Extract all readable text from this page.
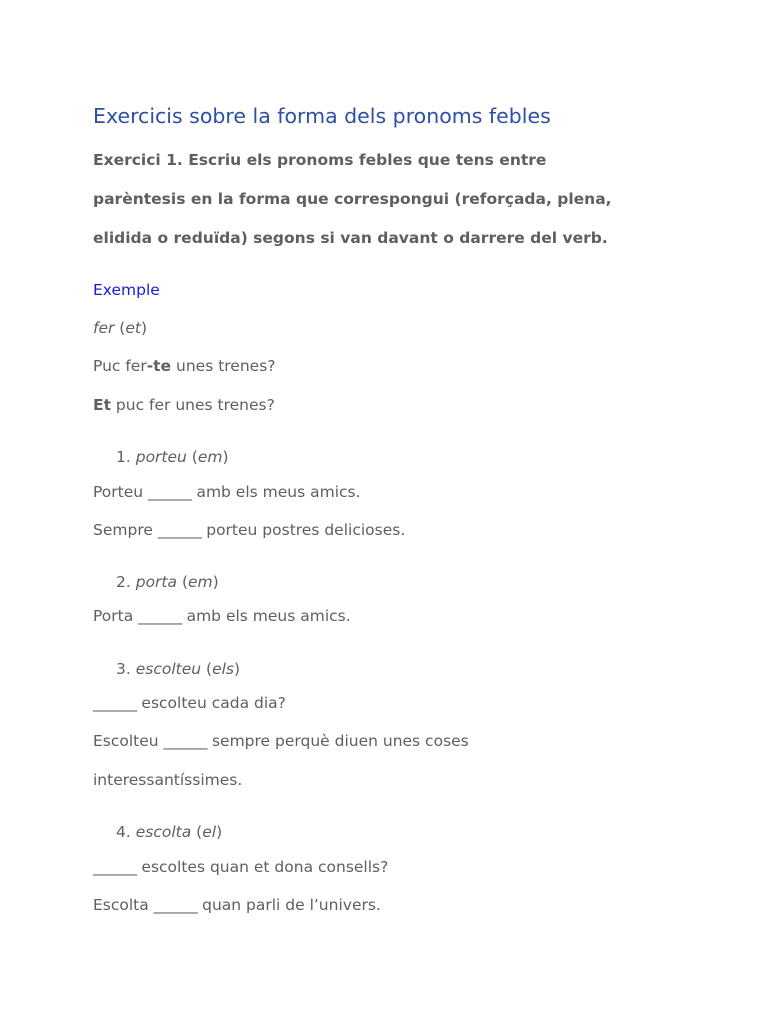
Exercicis sobre la forma dels pronoms febles
Exercici 1. Escriu els pronoms febles que tens entre
parèntesis en la forma que correspongui (reforçada, plena,
elidida o reduïda) segons si van davant o darrere del verb.
Exemple
fer (et)
Puc fer-te unes trenes?
Et puc fer unes trenes?
1. porteu (em)
Porteu ______ amb els meus amics.
Sempre ______ porteu postres delicioses.
2. porta (em)
Porta ______ amb els meus amics.
3. escolteu (els)
______ escolteu cada dia?
Escolteu ______ sempre perquè diuen unes coses
interessantíssimes.
4. escolta (el)
______ escoltes quan et dona consells?
Escolta ______ quan parli de l’univers.
